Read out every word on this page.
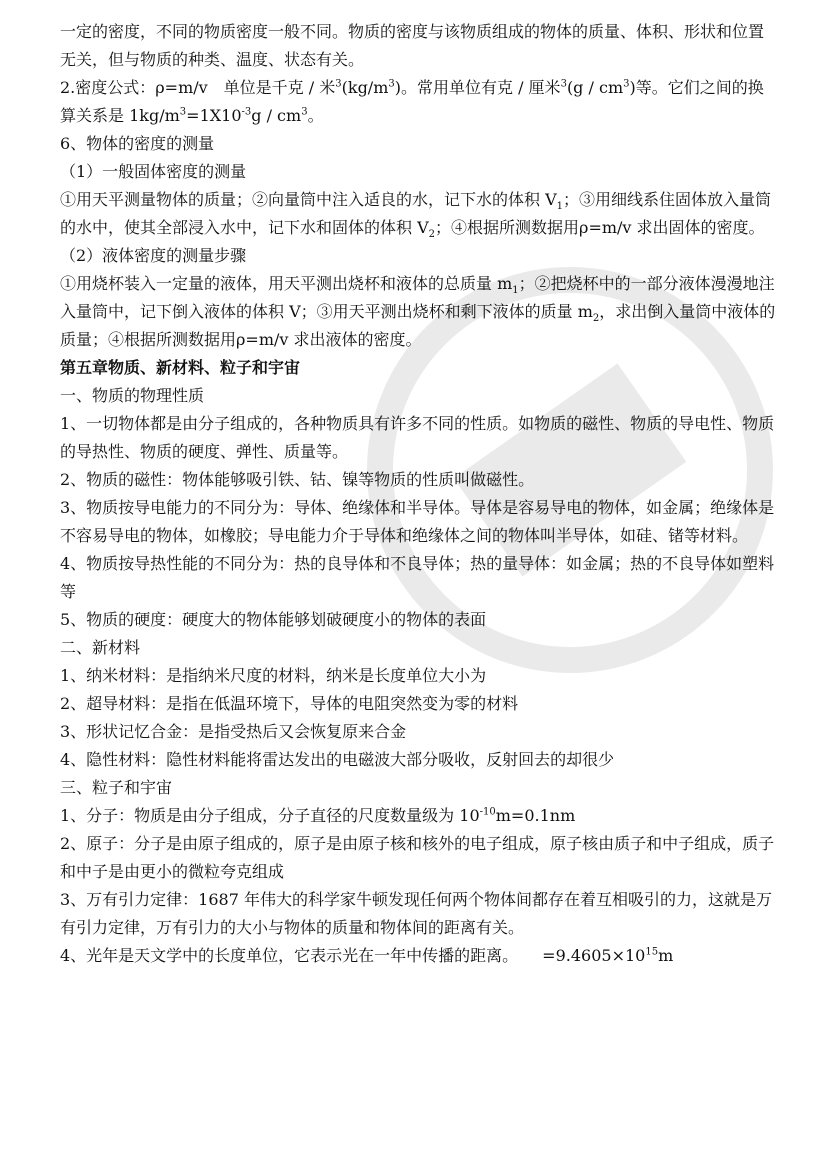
一定的密度，不同的物质密度一般不同。物质的密度与该物质组成的物体的质量、体积、形状和位置无关，但与物质的种类、温度、状态有关。

2.密度公式：ρ=m/v　单位是千克 / 米$^3(kg/m^3)$。常用单位有克 / 厘米$^3(g / cm^3)$等。它们之间的换算关系是 $1kg/m^3=1X10^{-3}g / cm^3$。

6、物体的密度的测量

（1）一般固体密度的测量

①用天平测量物体的质量；②向量筒中注入适良的水，记下水的体积 $V_1$；③用细线系住固体放入量筒的水中，使其全部浸入水中，记下水和固体的体积 $V_2$；④根据所测数据用ρ=m/v 求出固体的密度。

（2）液体密度的测量步骤

①用烧杯装入一定量的液体，用天平测出烧杯和液体的总质量 $m_1$；②把烧杯中的一部分液体漫漫地注入量筒中，记下倒入液体的体积 V；③用天平测出烧杯和剩下液体的质量 $m_2$，求出倒入量筒中液体的质量；④根据所测数据用ρ=m/v 求出液体的密度。

第五章物质、新材料、粒子和宇宙

一、物质的物理性质

1、一切物体都是由分子组成的，各种物质具有许多不同的性质。如物质的磁性、物质的导电性、物质的导热性、物质的硬度、弹性、质量等。

2、物质的磁性：物体能够吸引铁、钴、镍等物质的性质叫做磁性。

3、物质按导电能力的不同分为：导体、绝缘体和半导体。导体是容易导电的物体，如金属；绝缘体是不容易导电的物体，如橡胶；导电能力介于导体和绝缘体之间的物体叫半导体，如硅、锗等材料。

4、物质按导热性能的不同分为：热的良导体和不良导体；热的量导体：如金属；热的不良导体如塑料等

5、物质的硬度：硬度大的物体能够划破硬度小的物体的表面

二、新材料

1、纳米材料：是指纳米尺度的材料，纳米是长度单位大小为

2、超导材料：是指在低温环境下，导体的电阻突然变为零的材料

3、形状记忆合金：是指受热后又会恢复原来合金

4、隐性材料：隐性材料能将雷达发出的电磁波大部分吸收，反射回去的却很少

三、粒子和宇宙

1、分子：物质是由分子组成，分子直径的尺度数量级为 $10^{-10}m=0.1nm$

2、原子：分子是由原子组成的，原子是由原子核和核外的电子组成，原子核由质子和中子组成，质子和中子是由更小的微粒夸克组成

3、万有引力定律：1687 年伟大的科学家牛顿发现任何两个物体间都存在着互相吸引的力，这就是万有引力定律，万有引力的大小与物体的质量和物体间的距离有关。

4、光年是天文学中的长度单位，它表示光在一年中传播的距离。　　$=9.4605\times 10^{15}m$
